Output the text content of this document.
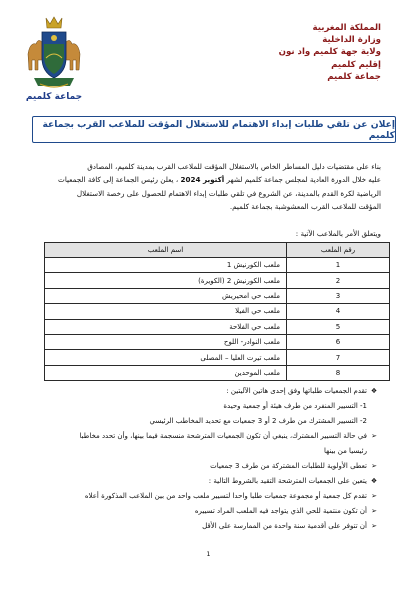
المملكة المغربية
وزارة الداخلية
ولاية جهة كلميم واد نون
إقليم كلميم
جماعة كلميم
جماعة كلميم
إعلان عن تلقي طلبات إبداء الاهتمام للاستغلال المؤقت للملاعب القرب بجماعة كلميم
بناء على مقتضيات دليل المساطر الخاص بالاستغلال المؤقت للملاعب القرب بمدينة كلميم، المصادق
عليه خلال الدورة العادية لمجلس جماعة كلميم لشهر أكتوبر 2024 ، يعلن رئيس الجماعة إلى كافة الجمعيات
الرياضية لكرة القدم بالمدينة، عن الشروع في تلقي طلبات إبداء الاهتمام للحصول على رخصة الاستغلال
المؤقت للملاعب القرب المعشوشبة بجماعة كلميم.
ويتعلق الأمر بالملاعب الآتية :
رقم الملعب	اسم الملعب
1	ملعب الكورنيش 1
2	ملعب الكورنيش 2 (الكويرة)
3	ملعب حي امحيريش
4	ملعب حي الفيلا
5	ملعب حي الفلاحة
6	ملعب النوادر- اللوح
7	ملعب تيرت العليا – المصلى
8	ملعب الموحدين
❖
تقدم الجمعيات طلباتها وفق إحدى هاتين الآليتين :
1- التسيير المنفرد من طرف هيئة أو جمعية وحيدة
2- التسيير المشترك من طرف 2 أو 3 جمعيات مع تحديد المخاطب الرئيسي
➢
في حالة التسيير المشترك، ينبغي أن تكون الجمعيات المترشحة منسجمة فيما بينها، وأن تحدد مخاطبا
رئيسيا من بينها
➢
تعطى الأولوية للطلبات المشتركة من طرف 3 جمعيات
❖
يتعين على الجمعيات المترشحة التقيد بالشروط التالية :
➢
تقدم كل جمعية أو مجموعة جمعيات طلبا واحدا لتسيير ملعب واحد من بين الملاعب المذكورة أعلاه
➢
أن تكون منتمية للحي الذي يتواجد فيه الملعب المراد تسييره
➢
أن تتوفر على أقدمية سنة واحدة من الممارسة على الأقل
1
